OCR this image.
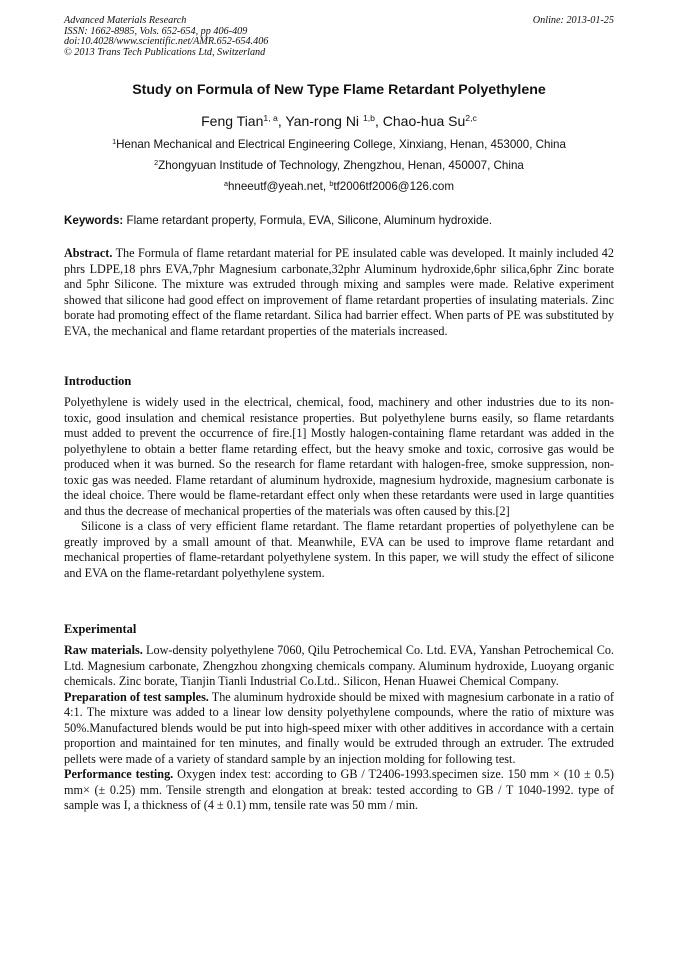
Advanced Materials Research
ISSN: 1662-8985, Vols. 652-654, pp 406-409
doi:10.4028/www.scientific.net/AMR.652-654.406
© 2013 Trans Tech Publications Ltd, Switzerland
Online: 2013-01-25
Study on Formula of New Type Flame Retardant Polyethylene
Feng Tian$^{1, a}$, Yan-rong Ni $^{1,b}$, Chao-hua Su$^{2,c}$
$^1$Henan Mechanical and Electrical Engineering College, Xinxiang, Henan, 453000, China
$^2$Zhongyuan Institude of Technology, Zhengzhou, Henan, 450007, China
$^a$hneeutf@yeah.net, $^b$tf2006tf2006@126.com
Keywords: Flame retardant property, Formula, EVA, Silicone, Aluminum hydroxide.

Abstract. The Formula of flame retardant material for PE insulated cable was developed. It mainly included 42 phrs LDPE,18 phrs EVA,7phr Magnesium carbonate,32phr Aluminum hydroxide,6phr silica,6phr Zinc borate and 5phr Silicone. The mixture was extruded through mixing and samples were made. Relative experiment showed that silicone had good effect on improvement of flame retardant properties of insulating materials. Zinc borate had promoting effect of the flame retardant. Silica had barrier effect. When parts of PE was substituted by EVA, the mechanical and flame retardant properties of the materials increased.

Introduction

Polyethylene is widely used in the electrical, chemical, food, machinery and other industries due to its non-toxic, good insulation and chemical resistance properties. But polyethylene burns easily, so flame retardants must added to prevent the occurrence of fire.[1] Mostly halogen-containing flame retardant was added in the polyethylene to obtain a better flame retarding effect, but the heavy smoke and toxic, corrosive gas would be produced when it was burned. So the research for flame retardant with halogen-free, smoke suppression, non-toxic gas was needed. Flame retardant of aluminum hydroxide, magnesium hydroxide, magnesium carbonate is the ideal choice. There would be flame-retardant effect only when these retardants were used in large quantities and thus the decrease of mechanical properties of the materials was often caused by this.[2]

Silicone is a class of very efficient flame retardant. The flame retardant properties of polyethylene can be greatly improved by a small amount of that. Meanwhile, EVA can be used to improve flame retardant and mechanical properties of flame-retardant polyethylene system. In this paper, we will study the effect of silicone and EVA on the flame-retardant polyethylene system.

Experimental

Raw materials. Low-density polyethylene 7060, Qilu Petrochemical Co. Ltd. EVA, Yanshan Petrochemical Co. Ltd. Magnesium carbonate, Zhengzhou zhongxing chemicals company. Aluminum hydroxide, Luoyang organic chemicals. Zinc borate, Tianjin Tianli Industrial Co.Ltd.. Silicon, Henan Huawei Chemical Company.

Preparation of test samples. The aluminum hydroxide should be mixed with magnesium carbonate in a ratio of 4:1. The mixture was added to a linear low density polyethylene compounds, where the ratio of mixture was 50%.Manufactured blends would be put into high-speed mixer with other additives in accordance with a certain proportion and maintained for ten minutes, and finally would be extruded through an extruder. The extruded pellets were made of a variety of standard sample by an injection molding for following test.

Performance testing. Oxygen index test: according to GB / T2406-1993.specimen size. 150 mm × (10 ± 0.5) mm× (± 0.25) mm. Tensile strength and elongation at break: tested according to GB / T 1040-1992. type of sample was I, a thickness of (4 ± 0.1) mm, tensile rate was 50 mm / min.
